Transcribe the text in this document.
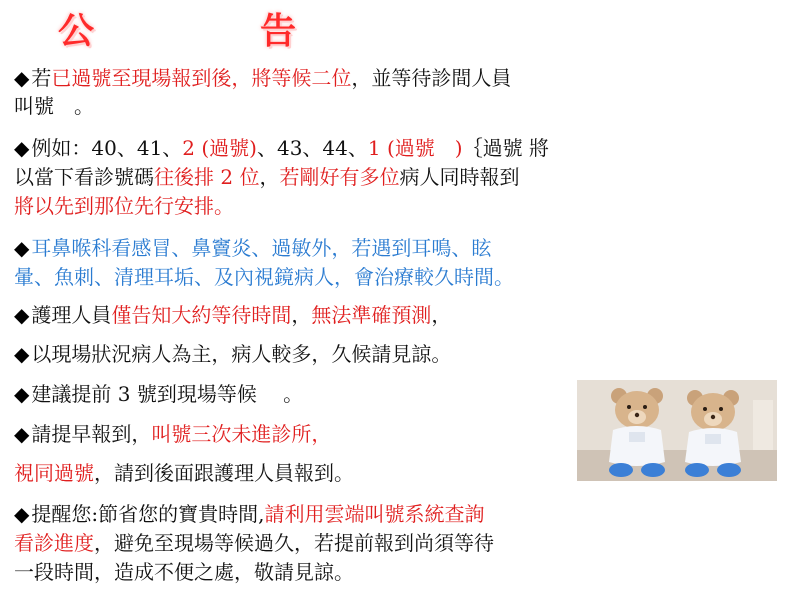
公	告
◆ 若已過號至現場報到後，將等候二位，並等待診間人員
叫號　。
◆ 例如：40、41、2 (過號)、43、44、1 (過號　)｛過號 將
以當下看診號碼往後排 2 位，若剛好有多位病人同時報到
將以先到那位先行安排。
◆ 耳鼻喉科看感冒、鼻竇炎、過敏外，若遇到耳鳴、眩
暈、魚刺、清理耳垢、及內視鏡病人，會治療較久時間。
◆ 護理人員僅告知大約等待時間，無法準確預測，
◆ 以現場狀況病人為主，病人較多，久候請見諒。
◆ 建議提前 3 號到現場等候　 。
◆ 請提早報到，叫號三次未進診所，
視同過號，請到後面跟護理人員報到。
◆ 提醒您:節省您的寶貴時間,請利用雲端叫號系統查詢
看診進度，避免至現場等候過久，若提前報到尚須等待
一段時間，造成不便之處，敬請見諒。
